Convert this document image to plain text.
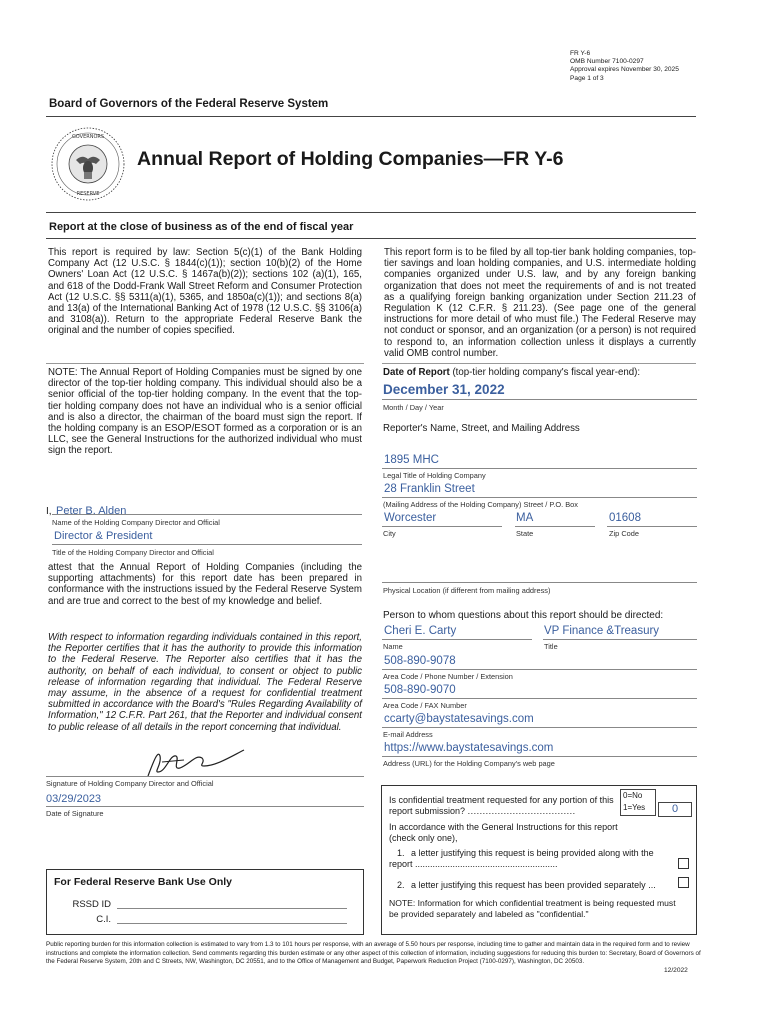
FR Y-6
OMB Number 7100-0297
Approval expires November 30, 2025
Page 1 of 3
Board of Governors of the Federal Reserve System
GOVERNORS
RESERVE
Annual Report of Holding Companies—FR Y-6
Report at the close of business as of the end of fiscal year
This report is required by law: Section 5(c)(1) of the Bank Holding Company Act (12 U.S.C. § 1844(c)(1)); section 10(b)(2) of the Home Owners' Loan Act (12 U.S.C. § 1467a(b)(2)); sections 102 (a)(1), 165, and 618 of the Dodd-Frank Wall Street Reform and Consumer Protection Act (12 U.S.C. §§ 5311(a)(1), 5365, and 1850a(c)(1)); and sections 8(a) and 13(a) of the International Banking Act of 1978 (12 U.S.C. §§ 3106(a) and 3108(a)). Return to the appropriate Federal Reserve Bank the original and the number of copies specified.
This report form is to be filed by all top-tier bank holding companies, top-tier savings and loan holding companies, and U.S. intermediate holding companies organized under U.S. law, and by any foreign banking organization that does not meet the requirements of and is not treated as a qualifying foreign banking organization under Section 211.23 of Regulation K (12 C.F.R. § 211.23). (See page one of the general instructions for more detail of who must file.) The Federal Reserve may not conduct or sponsor, and an organization (or a person) is not required to respond to, an information collection unless it displays a currently valid OMB control number.
NOTE: The Annual Report of Holding Companies must be signed by one director of the top-tier holding company. This individual should also be a senior official of the top-tier holding company. In the event that the top-tier holding company does not have an individual who is a senior official and is also a director, the chairman of the board must sign the report. If the holding company is an ESOP/ESOT formed as a corporation or is an LLC, see the General Instructions for the authorized individual who must sign the report.
I, Peter B. Alden
Name of the Holding Company Director and Official
Director & President
Title of the Holding Company Director and Official
attest that the Annual Report of Holding Companies (including the supporting attachments) for this report date has been prepared in conformance with the instructions issued by the Federal Reserve System and are true and correct to the best of my knowledge and belief.
With respect to information regarding individuals contained in this report, the Reporter certifies that it has the authority to provide this information to the Federal Reserve. The Reporter also certifies that it has the authority, on behalf of each individual, to consent or object to public release of information regarding that individual. The Federal Reserve may assume, in the absence of a request for confidential treatment submitted in accordance with the Board's "Rules Regarding Availability of Information," 12 C.F.R. Part 261, that the Reporter and individual consent to public release of all details in the report concerning that individual.
Signature of Holding Company Director and Official
03/29/2023
Date of Signature
For Federal Reserve Bank Use Only
RSSD ID
C.I.
Date of Report (top-tier holding company's fiscal year-end):
December 31, 2022
Month / Day / Year
Reporter's Name, Street, and Mailing Address
1895 MHC
Legal Title of Holding Company
28 Franklin Street
(Mailing Address of the Holding Company) Street / P.O. Box
Worcester	MA	01608
City	State	Zip Code
Physical Location (if different from mailing address)
Person to whom questions about this report should be directed:
Cheri E. Carty	VP Finance &Treasury
Name	Title
508-890-9078
Area Code / Phone Number / Extension
508-890-9070
Area Code / FAX Number
ccarty@baystatesavings.com
E-mail Address
https://www.baystatesavings.com
Address (URL) for the Holding Company's web page
Is confidential treatment requested for any portion of this report submission? ....................................
0=No
1=Yes	0
In accordance with the General Instructions for this report (check only one),
1. a letter justifying this request is being provided along with the report .........................................................
2. a letter justifying this request has been provided separately ...
NOTE: Information for which confidential treatment is being requested must be provided separately and labeled as "confidential."
Public reporting burden for this information collection is estimated to vary from 1.3 to 101 hours per response, with an average of 5.50 hours per response, including time to gather and maintain data in the required form and to review instructions and complete the information collection. Send comments regarding this burden estimate or any other aspect of this collection of information, including suggestions for reducing this burden to: Secretary, Board of Governors of the Federal Reserve System, 20th and C Streets, NW, Washington, DC 20551, and to the Office of Management and Budget, Paperwork Reduction Project (7100-0297), Washington, DC 20503.
12/2022
